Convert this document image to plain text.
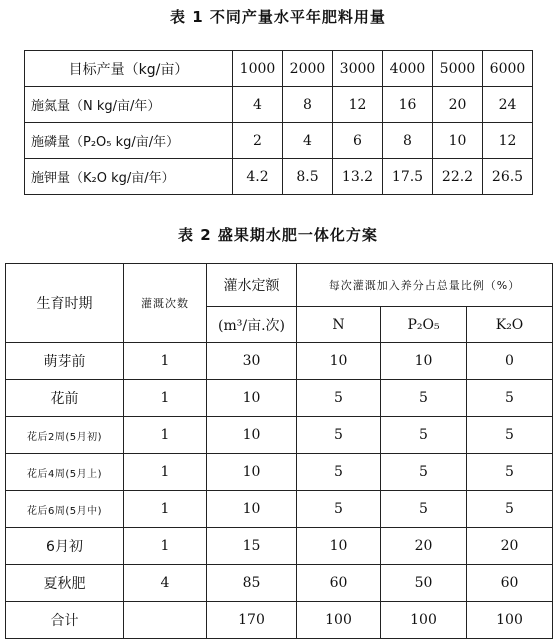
表 1 不同产量水平年肥料用量
目标产量（kg/亩）	1000	2000	3000	4000	5000	6000
施氮量（N kg/亩/年）	4	8	12	16	20	24
施磷量（P₂O₅ kg/亩/年）	2	4	6	8	10	12
施钾量（K₂O kg/亩/年）	4.2	8.5	13.2	17.5	22.2	26.5
表 2 盛果期水肥一体化方案
生育时期	灌溉次数	灌水定额	每次灌溉加入养分占总量比例（%）		
		(m³/亩.次)	N	P₂O₅	K₂O
萌芽前	1	30	10	10	0
花前	1	10	5	5	5
花后2周(5月初)	1	10	5	5	5
花后4周(5月上)	1	10	5	5	5
花后6周(5月中)	1	10	5	5	5
6月初	1	15	10	20	20
夏秋肥	4	85	60	50	60
合计		170	100	100	100
